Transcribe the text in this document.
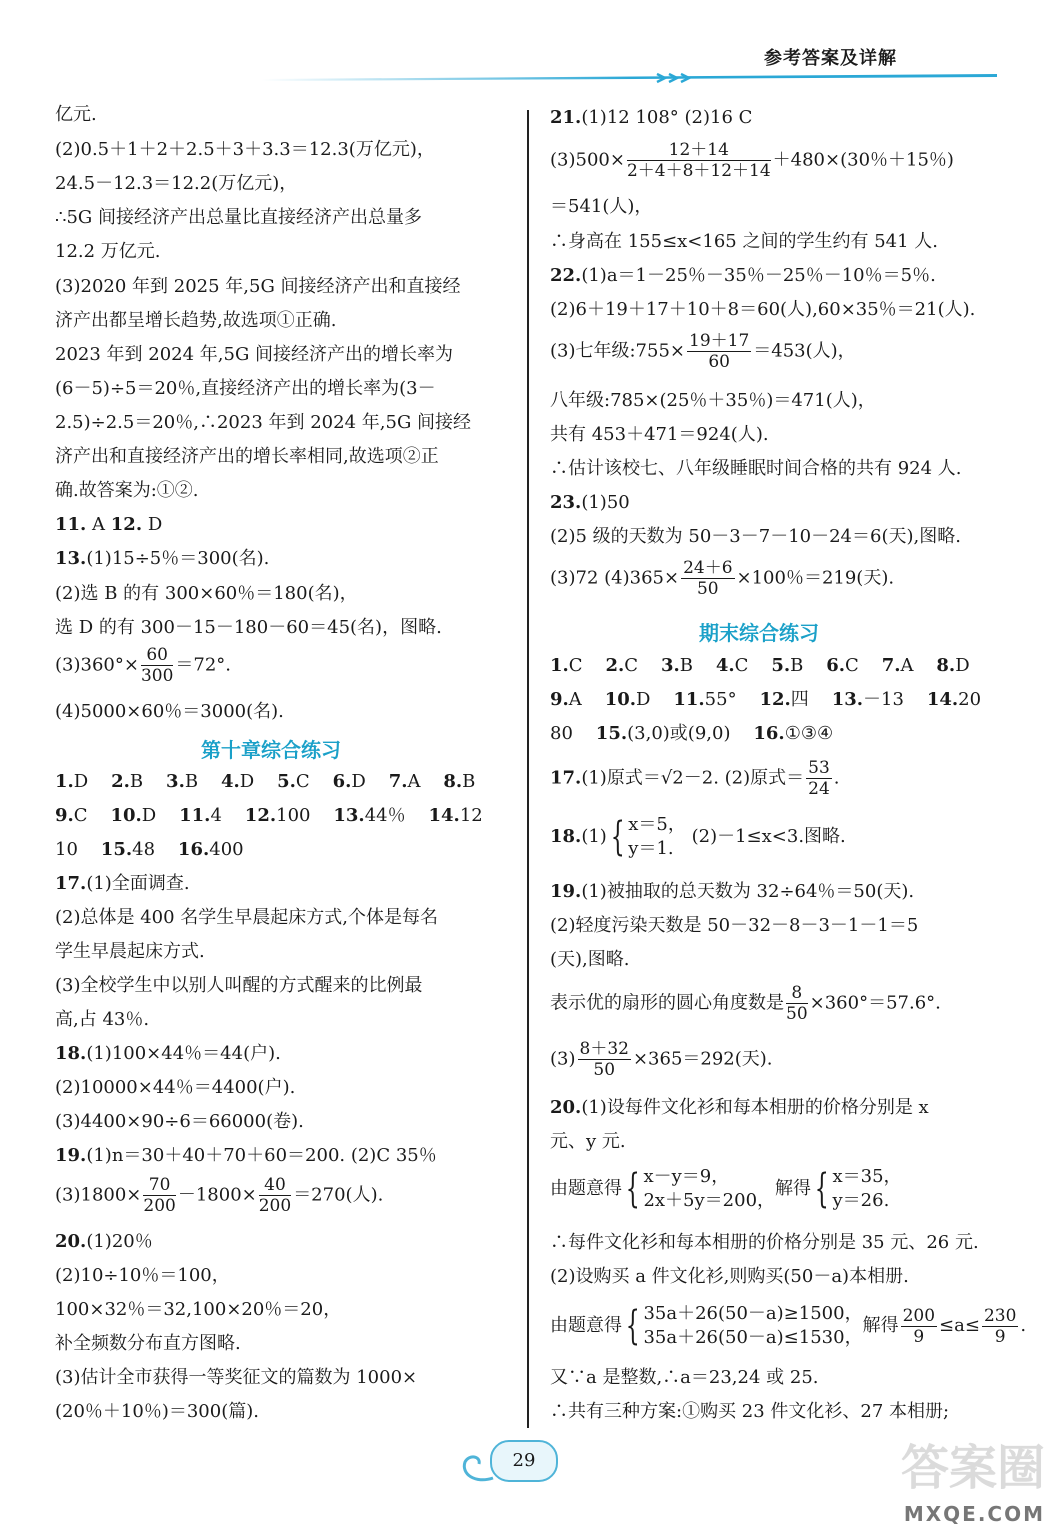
参考答案及详解
亿元.
(2)0.5＋1＋2＋2.5＋3＋3.3＝12.3(万亿元)，
24.5－12.3＝12.2(万亿元)，
∴5G 间接经济产出总量比直接经济产出总量多
12.2 万亿元.
(3)2020 年到 2025 年,5G 间接经济产出和直接经
济产出都呈增长趋势,故选项①正确.
2023 年到 2024 年,5G 间接经济产出的增长率为
(6－5)÷5＝20％,直接经济产出的增长率为(3－
2.5)÷2.5＝20％,∴2023 年到 2024 年,5G 间接经
济产出和直接经济产出的增长率相同,故选项②正
确.故答案为:①②.
11. A 12. D
13.(1)15÷5％＝300(名).
(2)选 B 的有 300×60％＝180(名)，
选 D 的有 300－15－180－60＝45(名)，图略.
$(3)360^\circ\times \frac{60}{300} =72^\circ$.
(4)5000×60％＝3000(名).
第十章综合练习
1.D 2.B 3.B 4.D 5.C 6.D 7.A 8.B
9.C 10.D 11.4 12.100 13.44％ 14.12
10 15.48 16.400
17.(1)全面调查.
(2)总体是 400 名学生早晨起床方式,个体是每名
学生早晨起床方式.
(3)全校学生中以别人叫醒的方式醒来的比例最
高,占 43％.
18.(1)100×44％＝44(户).
(2)10000×44％＝4400(户).
(3)4400×90÷6＝66000(卷).
19.(1)n＝30＋40＋70＋60＝200. (2)C 35％
$(3)1800\times \frac{70}{200} -1800\times \frac{40}{200} =270$(人).
20.(1)20％
(2)10÷10％＝100，
100×32％＝32,100×20％＝20，
补全频数分布直方图略.
(3)估计全市获得一等奖征文的篇数为 1000×
(20％＋10％)＝300(篇).
21.(1)12 108° (2)16 C
$(3)500\times \frac{12+14}{2+4+8+12+14} +480\times(30$％＋15％)
＝541(人)，
∴身高在 155≤x<165 之间的学生约有 541 人.
22.(1)a＝1－25％－35％－25％－10％＝5％.
(2)6＋19＋17＋10＋8＝60(人),60×35％＝21(人).
(3)七年级:755× $\frac{19+17}{60} =453$(人)，
八年级:785×(25％＋35％)＝471(人)，
共有 453＋471＝924(人).
∴估计该校七、八年级睡眠时间合格的共有 924 人.
23.(1)50
(2)5 级的天数为 50－3－7－10－24＝6(天),图略.
(3)72 $(4)365\times \frac{24+6}{50} \times 100$％＝219(天).
期末综合练习
1.C 2.C 3.B 4.C 5.B 6.C 7.A 8.D
9.A 10.D 11.55° 12.四 13.－13 14.20
80 15.(3,0)或(9,0) 16.①③④
17.(1)原式＝√2－2. (2)原式＝ $\frac{53}{24}$ .
18.(1){ x＝5，
y＝1.
(2)－1≤x<3.图略.
19.(1)被抽取的总天数为 32÷64％＝50(天).
(2)轻度污染天数是 50－32－8－3－1－1＝5
(天),图略.
表示优的扇形的圆心角度数是 $\frac{8}{50} \times 360^\circ=57.6^\circ$.
$(3) \frac{8+32}{50} \times 365=292$(天).
20.(1)设每件文化衫和每本相册的价格分别是 x
元、y 元.
由题意得{ x－y＝9，
2x＋5y＝200，
解得{ x＝35，
y＝26.
∴每件文化衫和每本相册的价格分别是 35 元、26 元.
(2)设购买 a 件文化衫,则购买(50－a)本相册.
由题意得{ 35a＋26(50－a)≥1500，
35a＋26(50－a)≤1530，
解得 $\frac{200}{9} \le a\le \frac{230}{9}$ .
又∵a 是整数,∴a＝23,24 或 25.
∴共有三种方案:①购买 23 件文化衫、27 本相册;
29	答案圈
MXQE.COM
